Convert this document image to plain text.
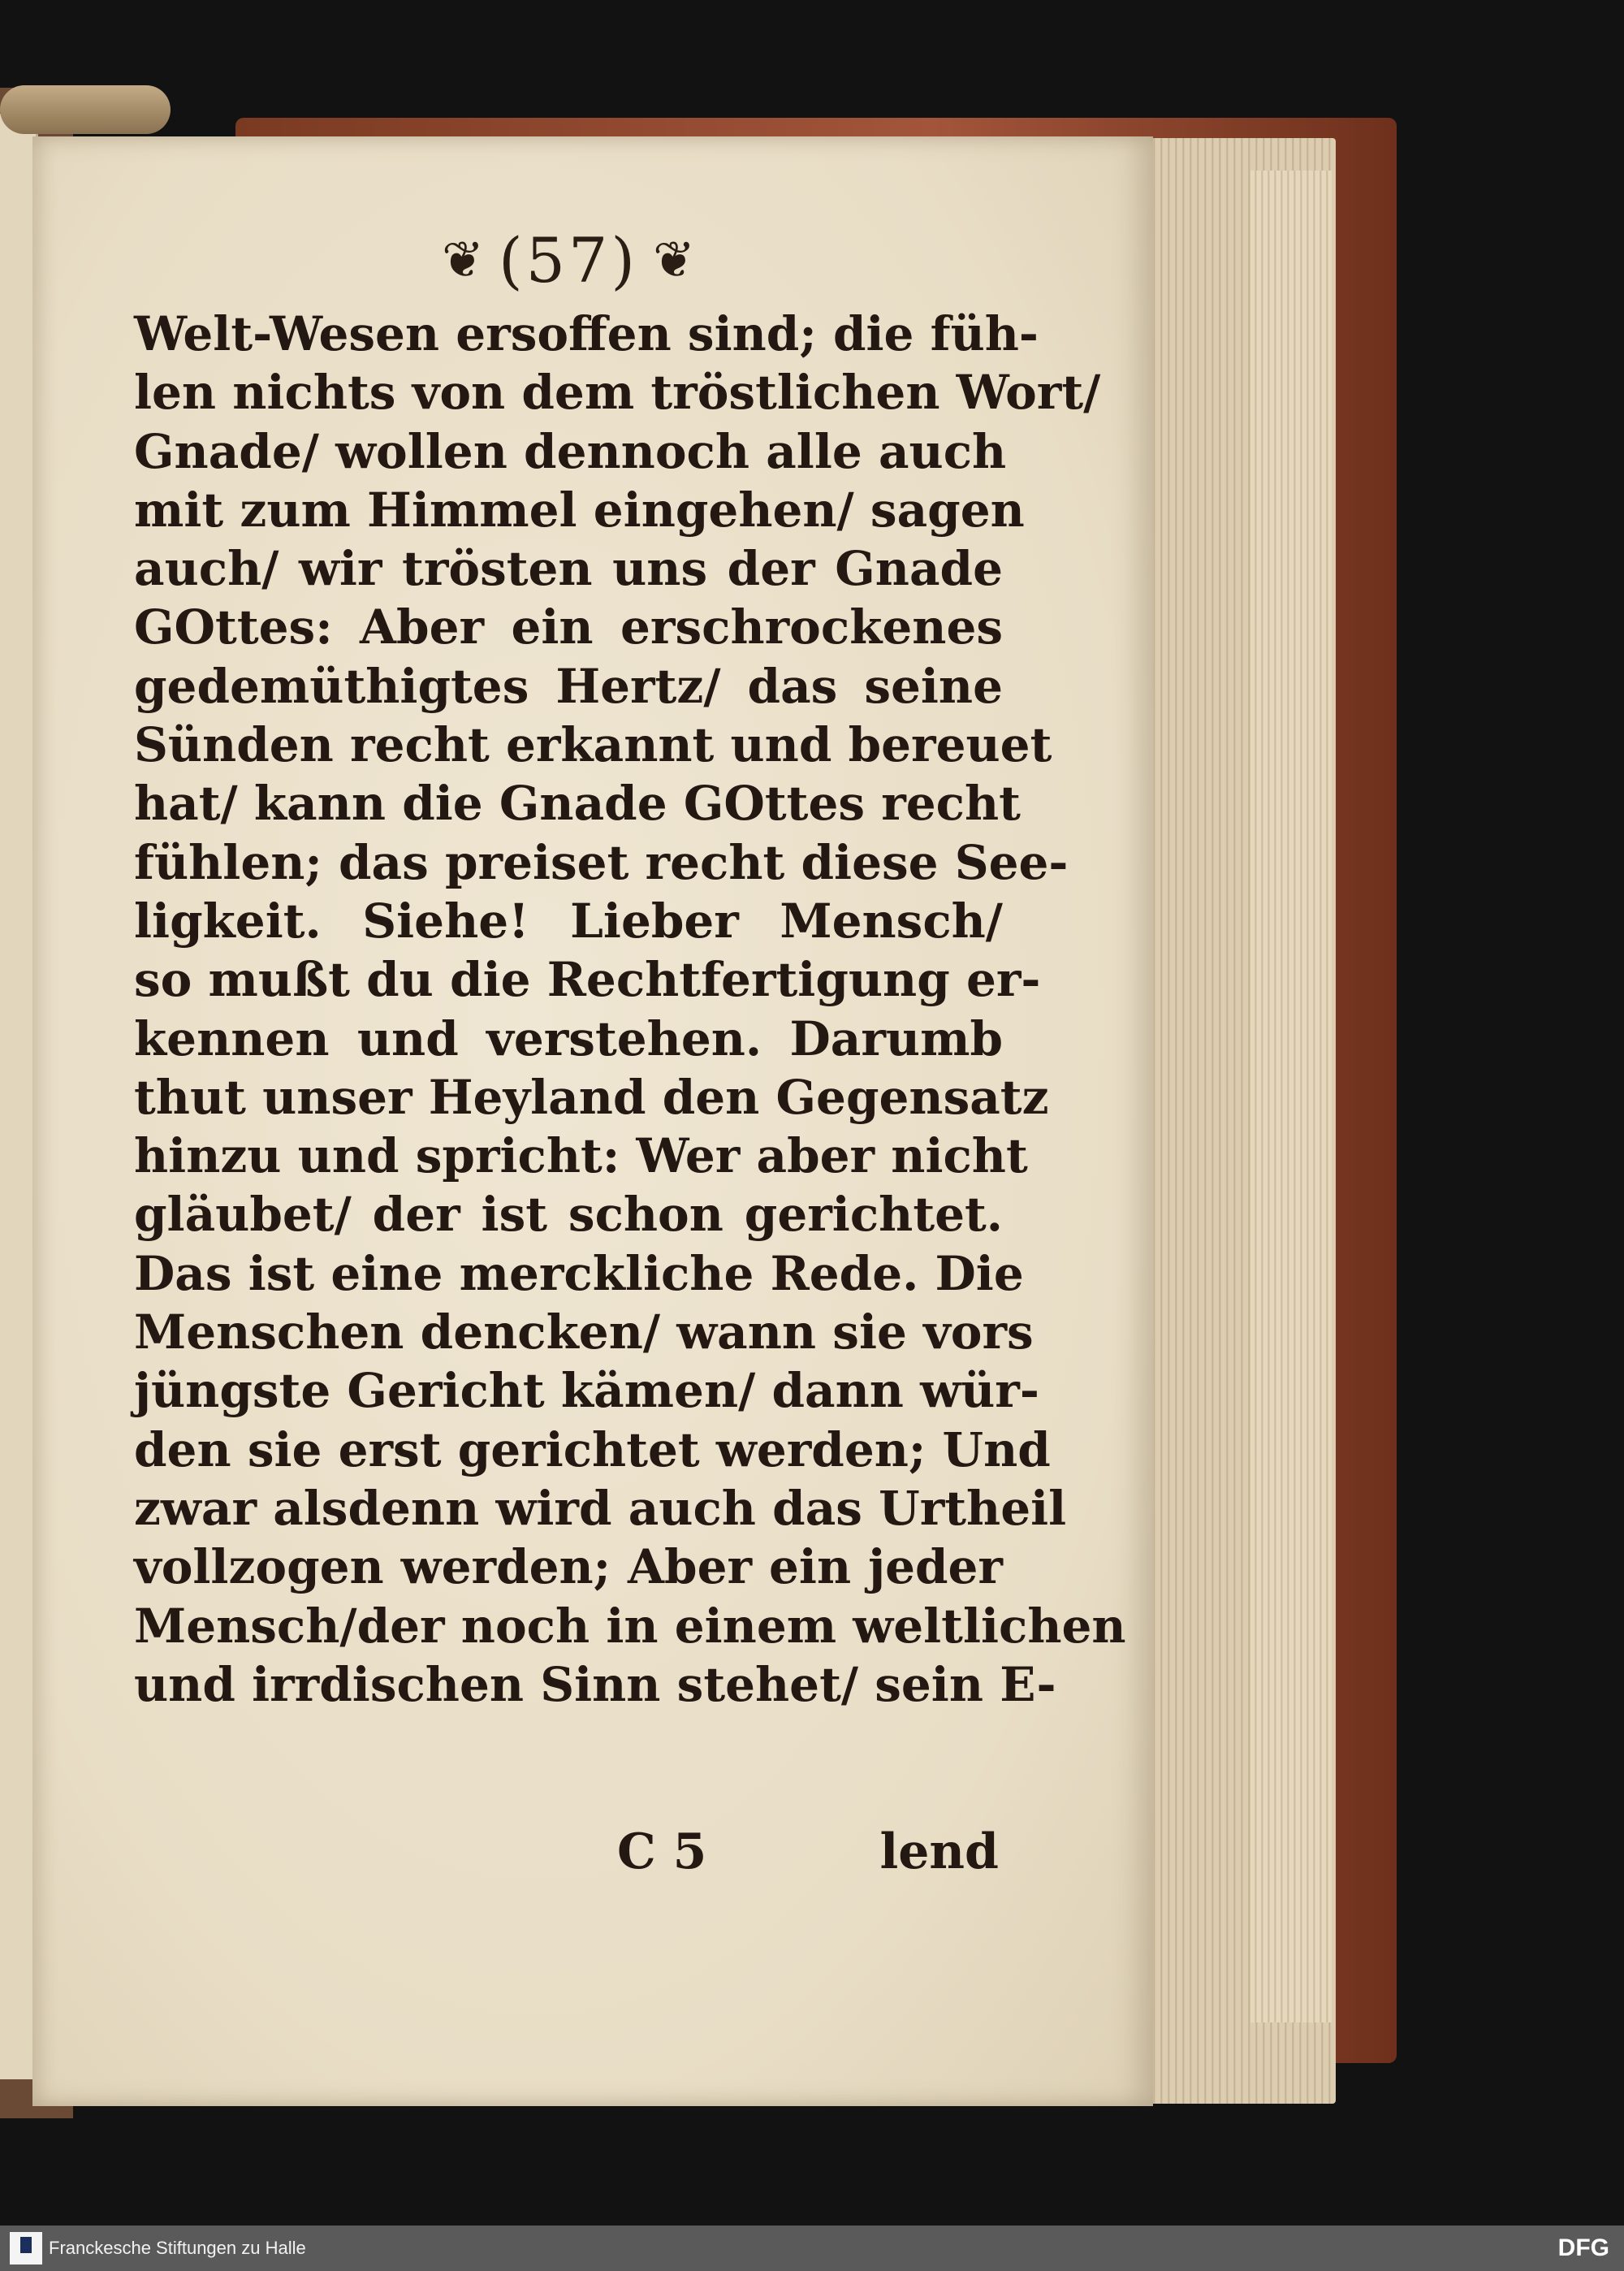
❦ (57) ❦
Welt-Wesen ersoffen sind; die füh-
len nichts von dem tröstlichen Wort/
Gnade/ wollen dennoch alle auch
mit zum Himmel eingehen/ sagen
auch/ wir trösten uns der Gnade
GOttes: Aber ein erschrockenes
gedemüthigtes Hertz/ das seine
Sünden recht erkannt und bereuet
hat/ kann die Gnade GOttes recht
fühlen; das preiset recht diese See-
ligkeit. Siehe! Lieber Mensch/
so mußt du die Rechtfertigung er-
kennen und verstehen. Darumb
thut unser Heyland den Gegensatz
hinzu und spricht: Wer aber nicht
gläubet/ der ist schon gerichtet.
Das ist eine merckliche Rede. Die
Menschen dencken/ wann sie vors
jüngste Gericht kämen/ dann wür-
den sie erst gerichtet werden; Und
zwar alsdenn wird auch das Urtheil
vollzogen werden; Aber ein jeder
Mensch/der noch in einem weltlichen
und irrdischen Sinn stehet/ sein E-
C 5	lend
Franckesche Stiftungen zu Halle	DFG
